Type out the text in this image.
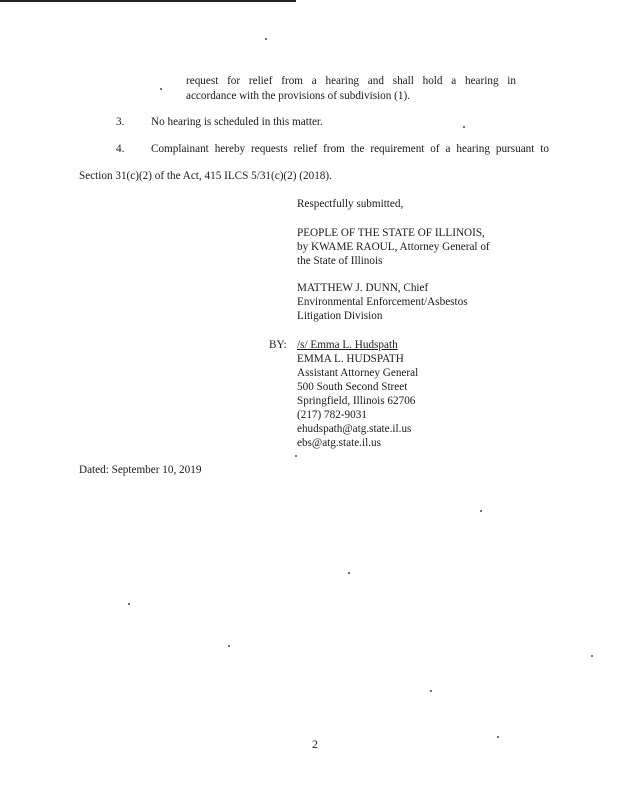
request for relief from a hearing and shall hold a hearing in
accordance with the provisions of subdivision (1).
3. No hearing is scheduled in this matter.
4. Complainant hereby requests relief from the requirement of a hearing pursuant to
Section 31(c)(2) of the Act, 415 ILCS 5/31(c)(2) (2018).
Respectfully submitted,
PEOPLE OF THE STATE OF ILLINOIS,
by KWAME RAOUL, Attorney General of
the State of Illinois
MATTHEW J. DUNN, Chief
Environmental Enforcement/Asbestos
Litigation Division
BY: /s/ Emma L. Hudspath
EMMA L. HUDSPATH
Assistant Attorney General
500 South Second Street
Springfield, Illinois 62706
(217) 782-9031
ehudspath@atg.state.il.us
ebs@atg.state.il.us
Dated: September 10, 2019
2
